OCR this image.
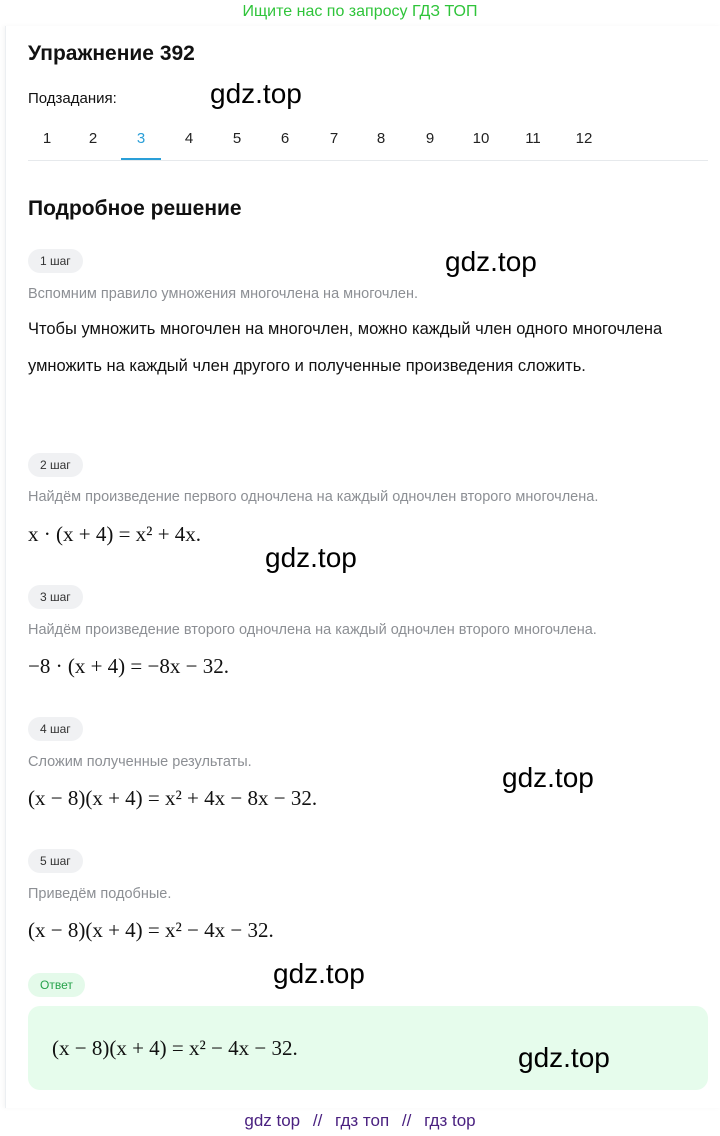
Ищите нас по запросу ГДЗ ТОП
Упражнение 392
Подзадания:	gdz.top
1	2	3	4	5	6	7	8	9	10	11	12
Подробное решение
1 шаг	gdz.top
Вспомним правило умножения многочлена на многочлен.
Чтобы умножить многочлен на многочлен, можно каждый член одного многочлена умножить на каждый член другого и полученные произведения сложить.
2 шаг
Найдём произведение первого одночлена на каждый одночлен второго многочлена.
x · (x + 4) = x² + 4x.
gdz.top
3 шаг
Найдём произведение второго одночлена на каждый одночлен второго многочлена.
−8 · (x + 4) = −8x − 32.
4 шаг
Сложим полученные результаты.	gdz.top
(x − 8)(x + 4) = x² + 4x − 8x − 32.
5 шаг
Приведём подобные.
(x − 8)(x + 4) = x² − 4x − 32.
Ответ	gdz.top
(x − 8)(x + 4) = x² − 4x − 32.	gdz.top
gdz top // гдз топ // гдз top
